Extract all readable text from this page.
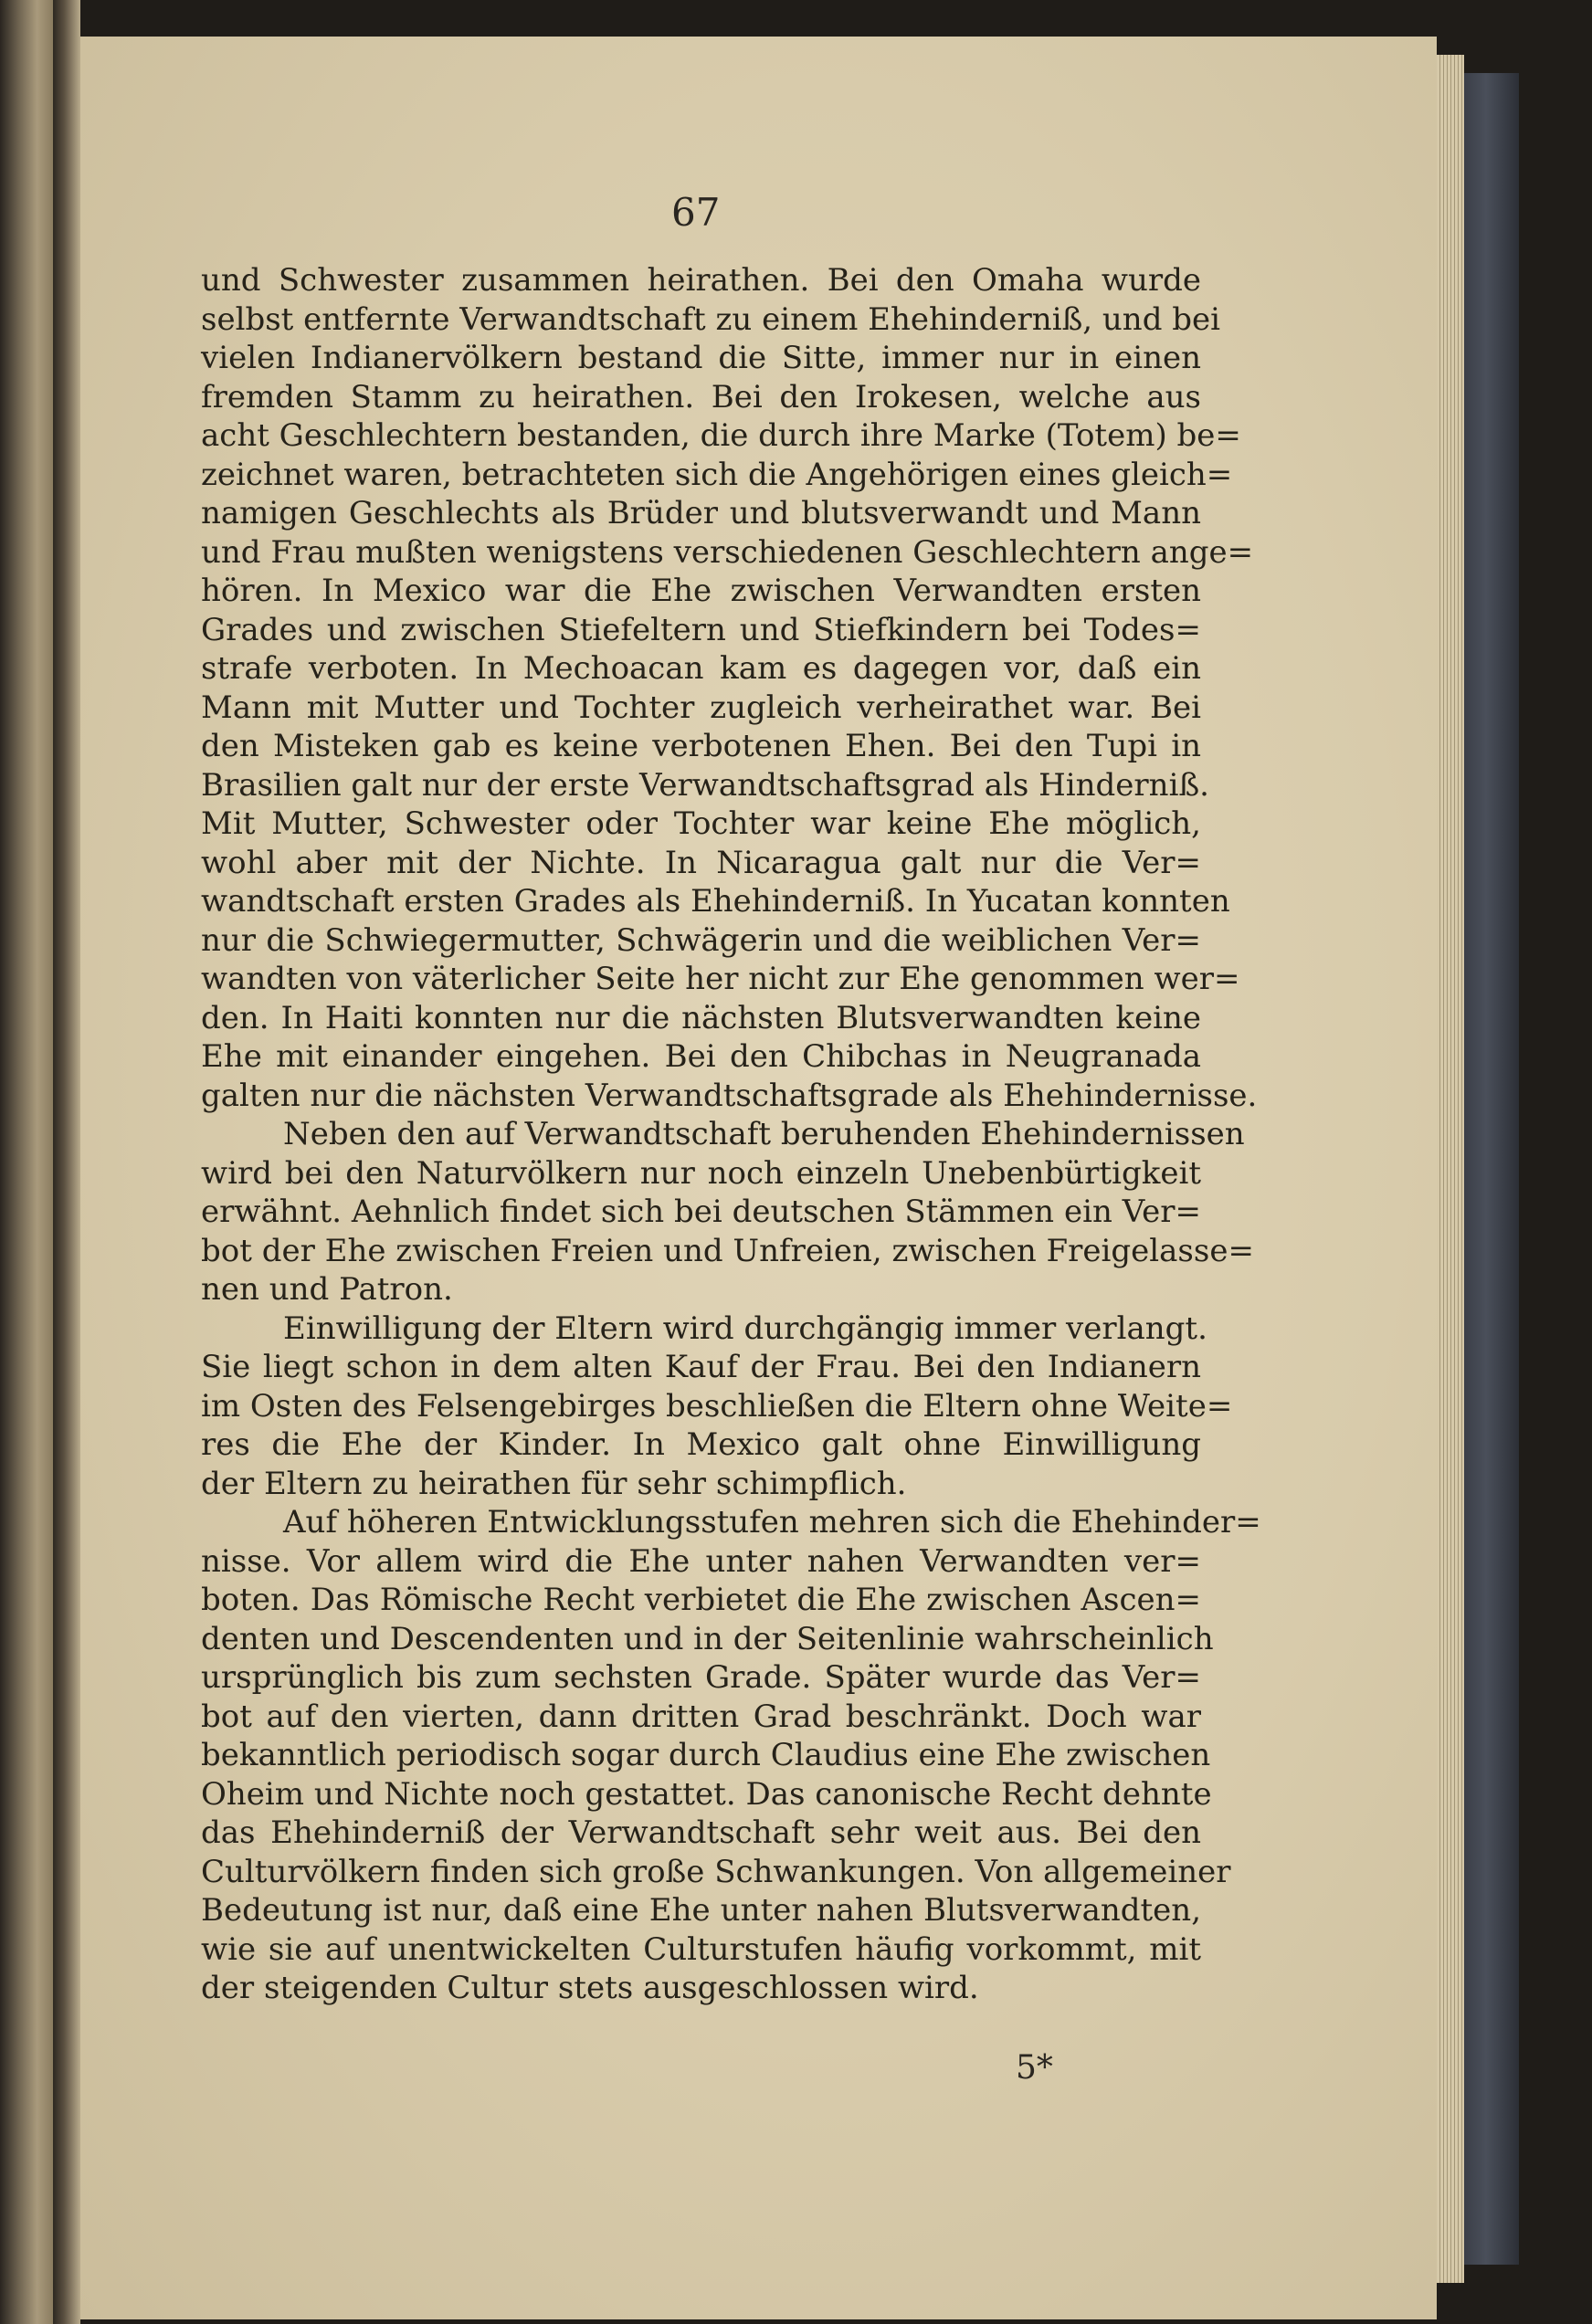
67
und Schwester zusammen heirathen. Bei den Omaha wurde
selbst entfernte Verwandtschaft zu einem Ehehinderniß, und bei
vielen Indianervölkern bestand die Sitte, immer nur in einen
fremden Stamm zu heirathen. Bei den Irokesen, welche aus
acht Geschlechtern bestanden, die durch ihre Marke (Totem) be=
zeichnet waren, betrachteten sich die Angehörigen eines gleich=
namigen Geschlechts als Brüder und blutsverwandt und Mann
und Frau mußten wenigstens verschiedenen Geschlechtern ange=
hören. In Mexico war die Ehe zwischen Verwandten ersten
Grades und zwischen Stiefeltern und Stiefkindern bei Todes=
strafe verboten. In Mechoacan kam es dagegen vor, daß ein
Mann mit Mutter und Tochter zugleich verheirathet war. Bei
den Misteken gab es keine verbotenen Ehen. Bei den Tupi in
Brasilien galt nur der erste Verwandtschaftsgrad als Hinderniß.
Mit Mutter, Schwester oder Tochter war keine Ehe möglich,
wohl aber mit der Nichte. In Nicaragua galt nur die Ver=
wandtschaft ersten Grades als Ehehinderniß. In Yucatan konnten
nur die Schwiegermutter, Schwägerin und die weiblichen Ver=
wandten von väterlicher Seite her nicht zur Ehe genommen wer=
den. In Haiti konnten nur die nächsten Blutsverwandten keine
Ehe mit einander eingehen. Bei den Chibchas in Neugranada
galten nur die nächsten Verwandtschaftsgrade als Ehehindernisse.
Neben den auf Verwandtschaft beruhenden Ehehindernissen
wird bei den Naturvölkern nur noch einzeln Unebenbürtigkeit
erwähnt. Aehnlich findet sich bei deutschen Stämmen ein Ver=
bot der Ehe zwischen Freien und Unfreien, zwischen Freigelasse=
nen und Patron.
Einwilligung der Eltern wird durchgängig immer verlangt.
Sie liegt schon in dem alten Kauf der Frau. Bei den Indianern
im Osten des Felsengebirges beschließen die Eltern ohne Weite=
res die Ehe der Kinder. In Mexico galt ohne Einwilligung
der Eltern zu heirathen für sehr schimpflich.
Auf höheren Entwicklungsstufen mehren sich die Ehehinder=
nisse. Vor allem wird die Ehe unter nahen Verwandten ver=
boten. Das Römische Recht verbietet die Ehe zwischen Ascen=
denten und Descendenten und in der Seitenlinie wahrscheinlich
ursprünglich bis zum sechsten Grade. Später wurde das Ver=
bot auf den vierten, dann dritten Grad beschränkt. Doch war
bekanntlich periodisch sogar durch Claudius eine Ehe zwischen
Oheim und Nichte noch gestattet. Das canonische Recht dehnte
das Ehehinderniß der Verwandtschaft sehr weit aus. Bei den
Culturvölkern finden sich große Schwankungen. Von allgemeiner
Bedeutung ist nur, daß eine Ehe unter nahen Blutsverwandten,
wie sie auf unentwickelten Culturstufen häufig vorkommt, mit
der steigenden Cultur stets ausgeschlossen wird.
5*
